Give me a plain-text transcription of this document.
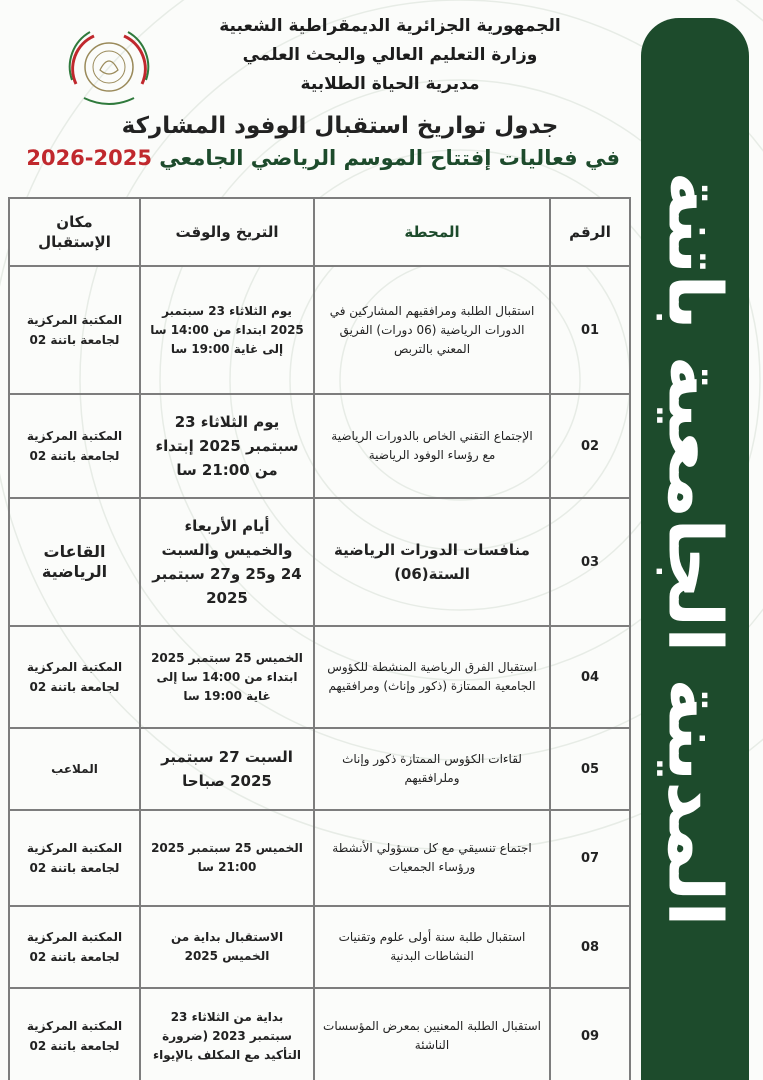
الجمهورية الجزائرية الديمقراطية الشعبية
وزارة التعليم العالي والبحث العلمي
مديرية الحياة الطلابية
جدول تواريخ استقبال الوفود المشاركة
في فعاليات إفتتاح الموسم الرياضي الجامعي 2025-2026
المدينة الجامعية باتنة
الرقم	المحطة	التريخ والوقت	مكان الإستقبال
01	استقبال الطلبة ومرافقيهم المشاركين في الدورات الرياضية (06 دورات) الفريق المعني بالتربص	يوم الثلاثاء 23 سبتمبر 2025 ابتداء من 14:00 سا إلى غاية 19:00 سا	المكتبة المركزية لجامعة باتنة 02
02	الإجتماع التقني الخاص بالدورات الرياضية مع رؤساء الوفود الرياضية	يوم الثلاثاء 23 سبتمبر 2025 إبتداء من 21:00 سا	المكتبة المركزية لجامعة باتنة 02
03	منافسات الدورات الرياضية الستة(06)	أيام الأربعاء والخميس والسبت 24 و25 و27 سبتمبر 2025	القاعات الرياضية
04	استقبال الفرق الرياضية المنشطة للكؤوس الجامعية الممتازة (ذكور وإناث) ومرافقيهم	الخميس 25 سبتمبر 2025 ابتداء من 14:00 سا إلى غاية 19:00 سا	المكتبة المركزية لجامعة باتنة 02
05	لقاءات الكؤوس الممتازة ذكور وإناث وملرافقيهم	السبت 27 سبتمبر 2025 صباحا	الملاعب
07	اجتماع تنسيقي مع كل مسؤولي الأنشطة ورؤساء الجمعيات	الخميس 25 سبتمبر 2025 21:00 سا	المكتبة المركزية لجامعة باتنة 02
08	استقبال طلبة سنة أولى علوم وتقنيات النشاطات البدنية	الاستقبال بداية من الخميس 2025	المكتبة المركزية لجامعة باتنة 02
09	استقبال الطلبة المعنيين بمعرض المؤسسات الناشئة	بداية من الثلاثاء 23 سبتمبر 2023 (ضرورة التأكيد مع المكلف بالإيواء	المكتبة المركزية لجامعة باتنة 02
